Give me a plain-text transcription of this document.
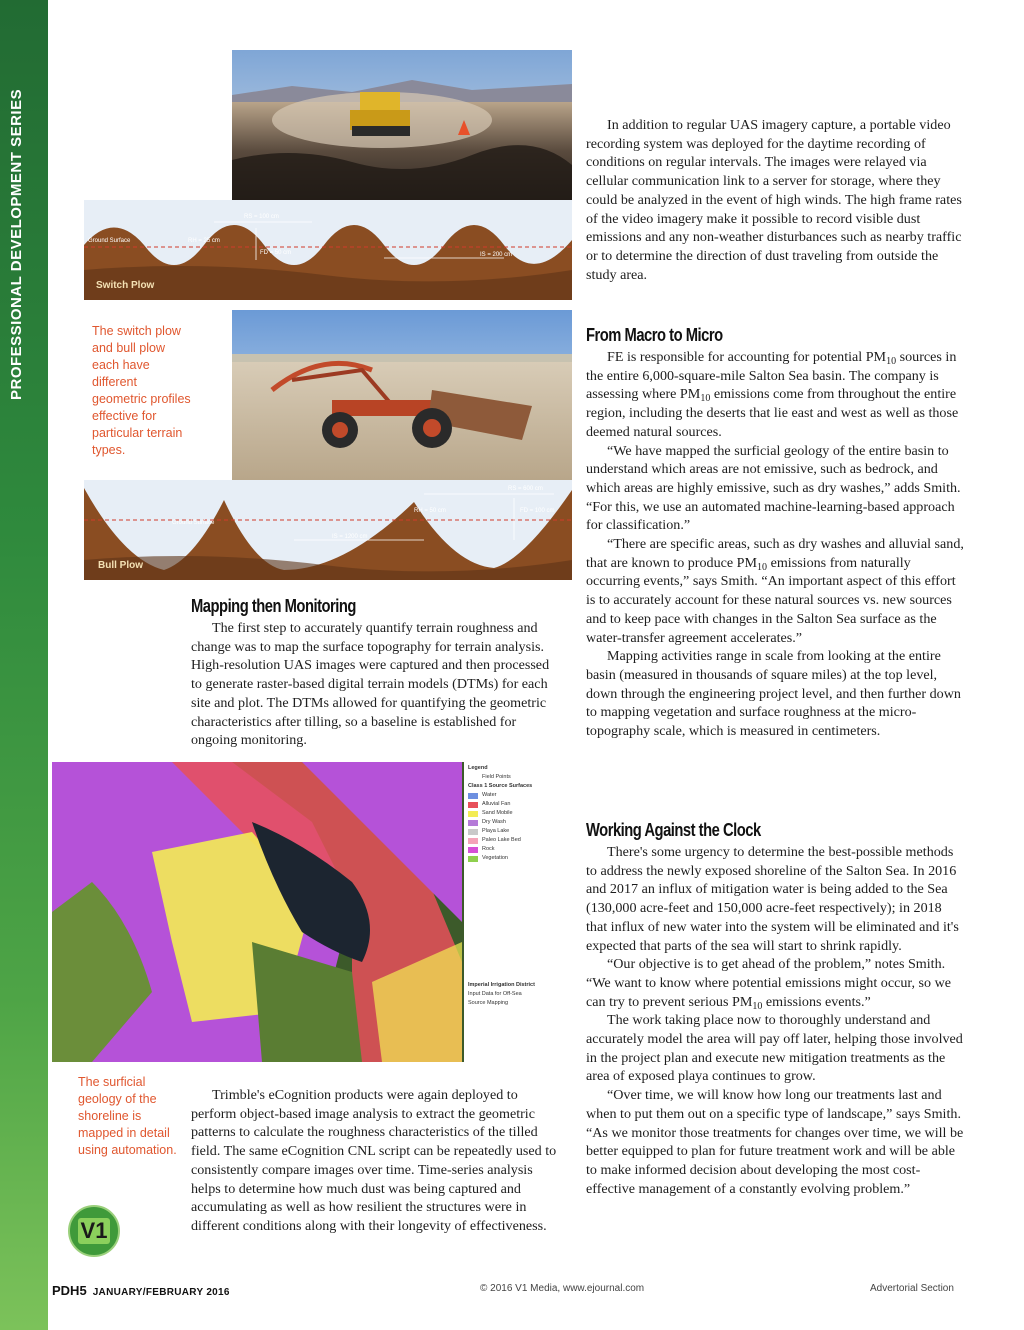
PROFESSIONAL DEVELOPMENT SERIES	Ground Surface
RS = 100 cm
RH = 25 cm
FD = 50 cm	IS = 200 cm
Switch Plow
Ground Surface
RS = 600 cm
RH = 50 cm	FD = 100 cm
IS = 1200 cm
Bull Plow
The switch plow and bull plow each have different geometric profiles effective for particular terrain types.
Mapping then Monitoring

The first step to accurately quantify terrain roughness and change was to map the surface topography for terrain analysis. High-resolution UAS images were captured and then processed to generate raster-based digital terrain models (DTMs) for each site and plot. The DTMs allowed for quantifying the geometric characteristics after tilling, so a baseline is established for ongoing monitoring.

Legend
Field Points
Class 1 Source Surfaces
Water
Alluvial Fan
Sand Mobile
Dry Wash
Playa Lake
Paleo Lake Bed
Rock
Vegetation
Imperial Irrigation District
Input Data for Off-Sea Source Mapping
The surficial geology of the shoreline is mapped in detail using automation.

Trimble's eCognition products were again deployed to perform object-based image analysis to extract the geometric patterns to calculate the roughness characteristics of the tilled field. The same eCognition CNL script can be repeatedly used to consistently compare images over time. Time-series analysis helps to determine how much dust was being captured and accumulating as well as how resilient the structures were in different conditions along with their longevity of effectiveness.

V1

In addition to regular UAS imagery capture, a portable video recording system was deployed for the daytime recording of conditions on regular intervals. The images were relayed via cellular communication link to a server for storage, where they could be analyzed in the event of high winds. The high frame rates of the video imagery make it possible to record visible dust emissions and any non-weather disturbances such as nearby traffic or to determine the direction of dust traveling from outside the study area.

From Macro to Micro

FE is responsible for accounting for potential $PM_{10}$ sources in the entire 6,000-square-mile Salton Sea basin. The company is assessing where $PM_{10}$ emissions come from throughout the entire region, including the deserts that lie east and west as well as those deemed natural sources.

“We have mapped the surficial geology of the entire basin to understand which areas are not emissive, such as bedrock, and which areas are highly emissive, such as dry washes,” adds Smith. “For this, we use an automated machine-learning-based approach for classification.”

“There are specific areas, such as dry washes and alluvial sand, that are known to produce $PM_{10}$ emissions from naturally occurring events,” says Smith. “An important aspect of this effort is to accurately account for these natural sources vs. new sources and to keep pace with changes in the Salton Sea surface as the water-transfer agreement accelerates.”

Mapping activities range in scale from looking at the entire basin (measured in thousands of square miles) at the top level, down through the engineering project level, and then further down to mapping vegetation and surface roughness at the micro-topography scale, which is measured in centimeters.

Working Against the Clock

There's some urgency to determine the best-possible methods to address the newly exposed shoreline of the Salton Sea. In 2016 and 2017 an influx of mitigation water is being added to the Sea (130,000 acre-feet and 150,000 acre-feet respectively); in 2018 that influx of new water into the system will be eliminated and it's expected that parts of the sea will start to shrink rapidly.

“Our objective is to get ahead of the problem,” notes Smith. “We want to know where potential emissions might occur, so we can try to prevent serious $PM_{10}$ emissions events.”

The work taking place now to thoroughly understand and accurately model the area will pay off later, helping those involved in the project plan and execute new mitigation treatments as the area of exposed playa continues to grow.

“Over time, we will know how long our treatments last and when to put them out on a specific type of landscape,” says Smith. “As we monitor those treatments for changes over time, we will be better equipped to plan for future treatment work and will be able to make informed decision about developing the most cost-effective management of a constantly evolving problem.”

PDH5 JANUARY/FEBRUARY 2016	© 2016 V1 Media, www.ejournal.com	Advertorial Section
